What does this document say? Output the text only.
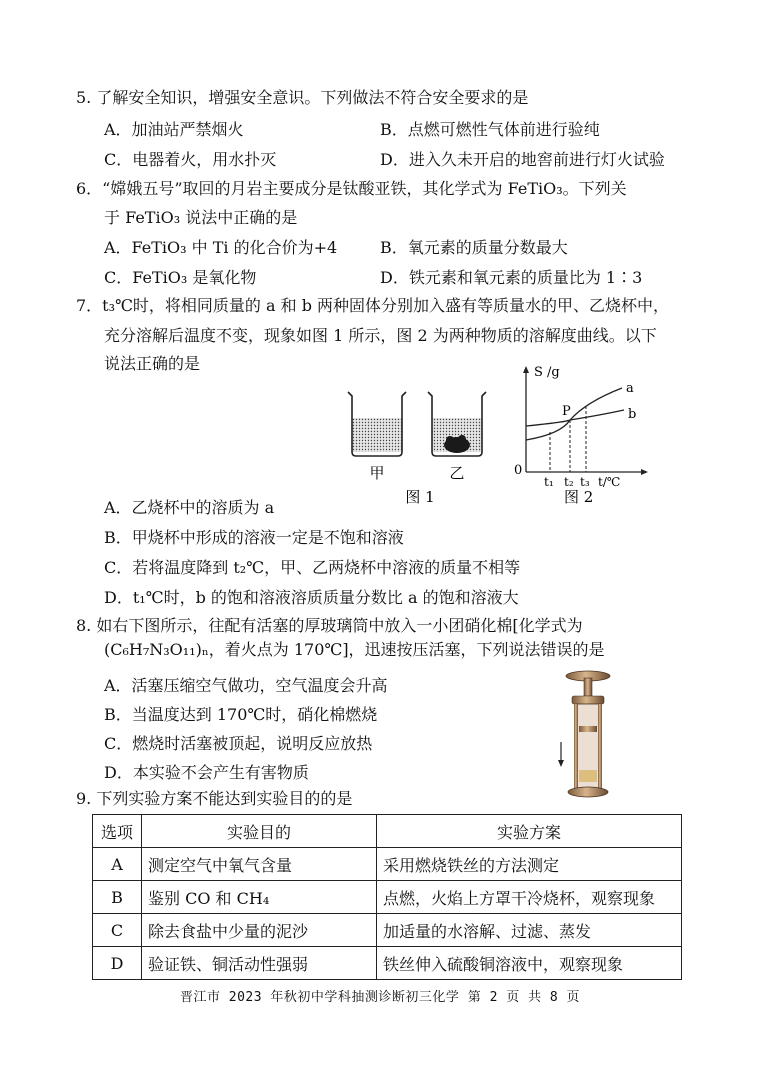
5. 了解安全知识，增强安全意识。下列做法不符合安全要求的是
A．加油站严禁烟火	B．点燃可燃性气体前进行验纯
C．电器着火，用水扑灭	D．进入久未开启的地窖前进行灯火试验
6．“嫦娥五号”取回的月岩主要成分是钛酸亚铁，其化学式为 FeTiO₃。下列关
于 FeTiO₃ 说法中正确的是
A．FeTiO₃ 中 Ti 的化合价为+4	B．氧元素的质量分数最大
C．FeTiO₃ 是氧化物	D．铁元素和氧元素的质量比为 1∶3
7．t₃℃时，将相同质量的 a 和 b 两种固体分别加入盛有等质量水的甲、乙烧杯中，
充分溶解后温度不变，现象如图 1 所示，图 2 为两种物质的溶解度曲线。以下
说法正确的是
甲	乙
图 1
S /g
0
a
b
P
t₁ t₂ t₃ t/℃
图 2
A．乙烧杯中的溶质为 a
B．甲烧杯中形成的溶液一定是不饱和溶液
C．若将温度降到 t₂℃，甲、乙两烧杯中溶液的质量不相等
D．t₁℃时，b 的饱和溶液溶质质量分数比 a 的饱和溶液大
8. 如右下图所示，往配有活塞的厚玻璃筒中放入一小团硝化棉[化学式为
(C₆H₇N₃O₁₁)ₙ，着火点为 170℃]，迅速按压活塞，下列说法错误的是
A．活塞压缩空气做功，空气温度会升高
B．当温度达到 170℃时，硝化棉燃烧
C．燃烧时活塞被顶起，说明反应放热
D．本实验不会产生有害物质
9. 下列实验方案不能达到实验目的的是
选项	实验目的	实验方案
A	测定空气中氧气含量	采用燃烧铁丝的方法测定
B	鉴别 CO 和 CH₄	点燃，火焰上方罩干冷烧杯，观察现象
C	除去食盐中少量的泥沙	加适量的水溶解、过滤、蒸发
D	验证铁、铜活动性强弱	铁丝伸入硫酸铜溶液中，观察现象
晋江市 2023 年秋初中学科抽测诊断初三化学 第 2 页 共 8 页
